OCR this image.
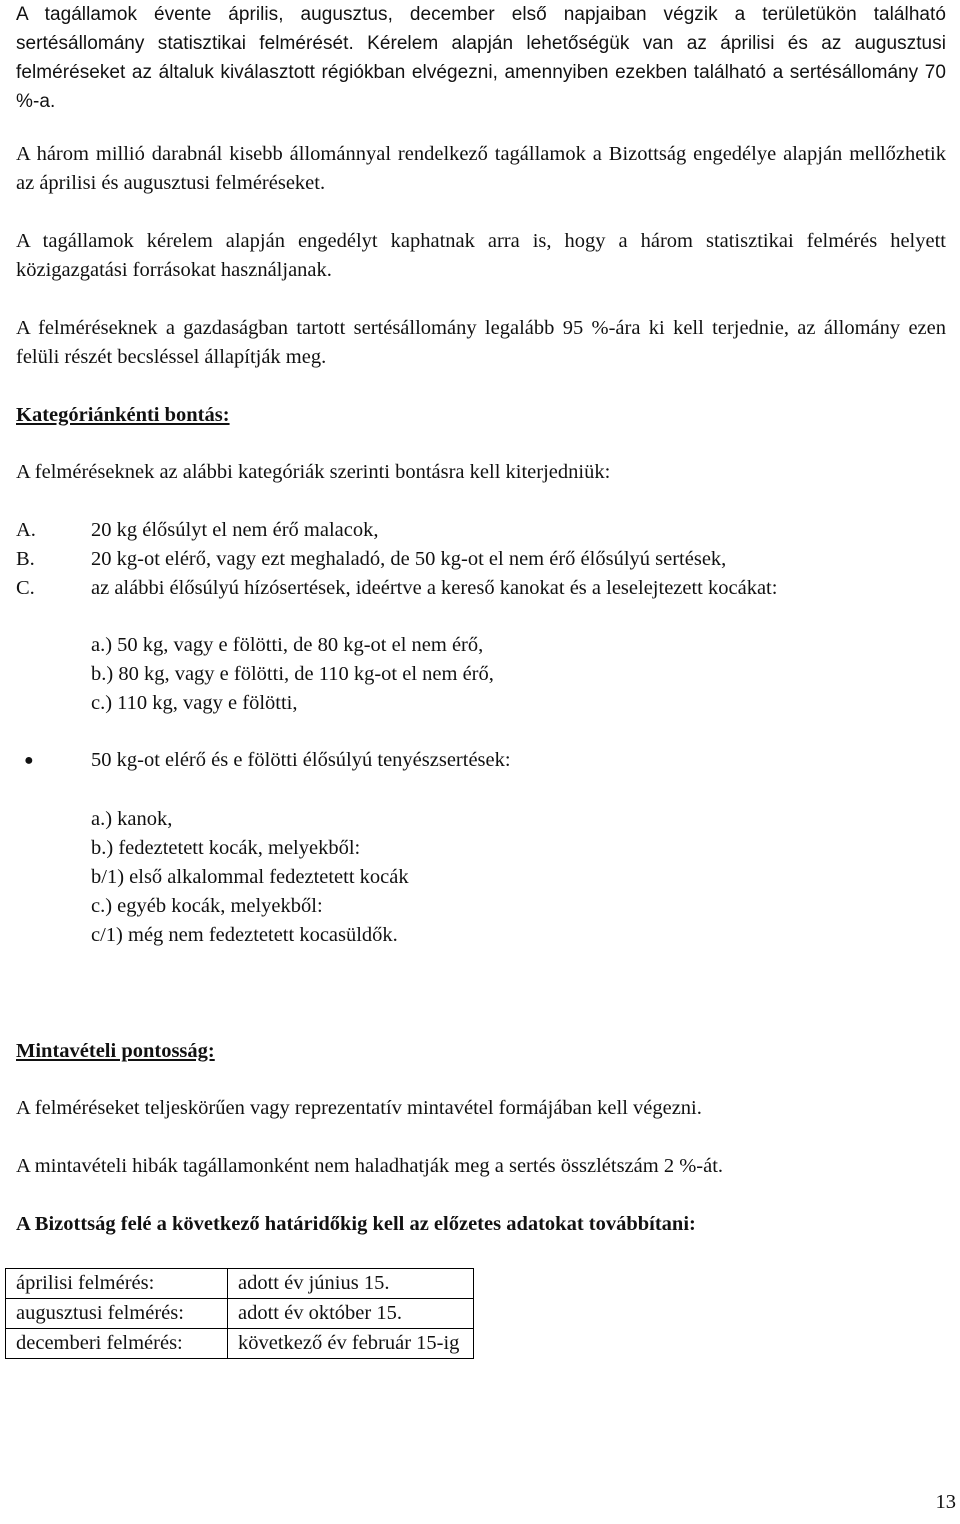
A tagállamok évente április, augusztus, december első napjaiban végzik a területükön található sertésállomány statisztikai felmérését. Kérelem alapján lehetőségük van az áprilisi és az augusztusi felméréseket az általuk kiválasztott régiókban elvégezni, amennyiben ezekben található a sertésállomány 70 %-a.

A három millió darabnál kisebb állománnyal rendelkező tagállamok a Bizottság engedélye alapján mellőzhetik az áprilisi és augusztusi felméréseket.

A tagállamok kérelem alapján engedélyt kaphatnak arra is, hogy a három statisztikai felmérés helyett közigazgatási forrásokat használjanak.

A felméréseknek a gazdaságban tartott sertésállomány legalább 95 %-ára ki kell terjednie, az állomány ezen felüli részét becsléssel állapítják meg.

Kategóriánkénti bontás:

A felméréseknek az alábbi kategóriák szerinti bontásra kell kiterjedniük:

A.	20 kg élősúlyt el nem érő malacok,

B.	20 kg-ot elérő, vagy ezt meghaladó, de 50 kg-ot el nem érő élősúlyú sertések,

C.	az alábbi élősúlyú hízósertések, ideértve a kereső kanokat és a leselejtezett kocákat:

a.) 50 kg, vagy e fölötti, de 80 kg-ot el nem érő,

b.) 80 kg, vagy e fölötti, de 110 kg-ot el nem érő,

c.) 110 kg, vagy e fölötti,

●	50 kg-ot elérő és e fölötti élősúlyú tenyészsertések:

a.) kanok,

b.) fedeztetett kocák, melyekből:

b/1) első alkalommal fedeztetett kocák

c.) egyéb kocák, melyekből:

c/1) még nem fedeztetett kocasüldők.

Mintavételi pontosság:

A felméréseket teljeskörűen vagy reprezentatív mintavétel formájában kell végezni.

A mintavételi hibák tagállamonként nem haladhatják meg a sertés összlétszám 2 %-át.

A Bizottság felé a következő határidőkig kell az előzetes adatokat továbbítani:

áprilisi felmérés:	adott év június 15.
augusztusi felmérés:	adott év október 15.
decemberi felmérés:	következő év február 15-ig

13
